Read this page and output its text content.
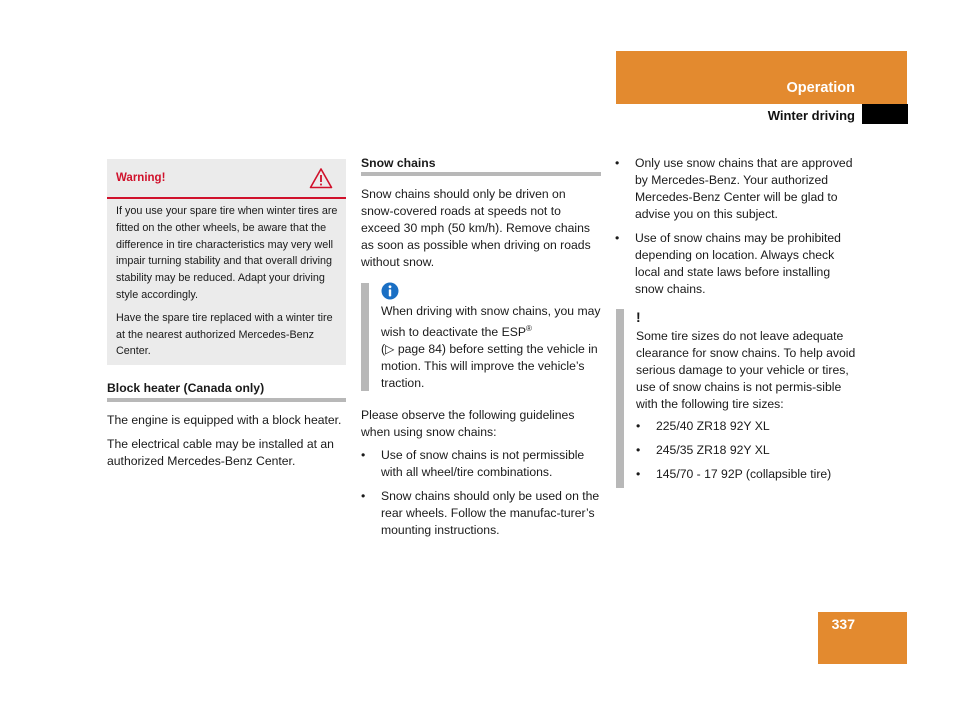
Operation
Winter driving
Warning!

If you use your spare tire when winter tires are fitted on the other wheels, be aware that the difference in tire characteristics may very well impair turning stability and that overall driving stability may be reduced. Adapt your driving style accordingly.

Have the spare tire replaced with a winter tire at the nearest authorized Mercedes-Benz Center.

Block heater (Canada only)

The engine is equipped with a block heater.

The electrical cable may be installed at an authorized Mercedes-Benz Center.

Snow chains
Snow chains should only be driven on snow-covered roads at speeds not to exceed 30 mph (50 km/h). Remove chains as soon as possible when driving on roads without snow.
When driving with snow chains, you may wish to deactivate the ESP®
(▷ page 84) before setting the vehicle in motion. This will improve the vehicle’s traction.
Please observe the following guidelines when using snow chains:
• Use of snow chains is not permissible with all wheel/tire combinations.
• Snow chains should only be used on the rear wheels. Follow the manufac-turer’s mounting instructions.
• Only use snow chains that are approved by Mercedes-Benz. Your authorized Mercedes-Benz Center will be glad to advise you on this subject.
• Use of snow chains may be prohibited depending on location. Always check local and state laws before installing snow chains.
!
Some tire sizes do not leave adequate clearance for snow chains. To help avoid serious damage to your vehicle or tires, use of snow chains is not permis-sible with the following tire sizes:
• 225/40 ZR18 92Y XL
• 245/35 ZR18 92Y XL
• 145/70 - 17 92P (collapsible tire)
337
